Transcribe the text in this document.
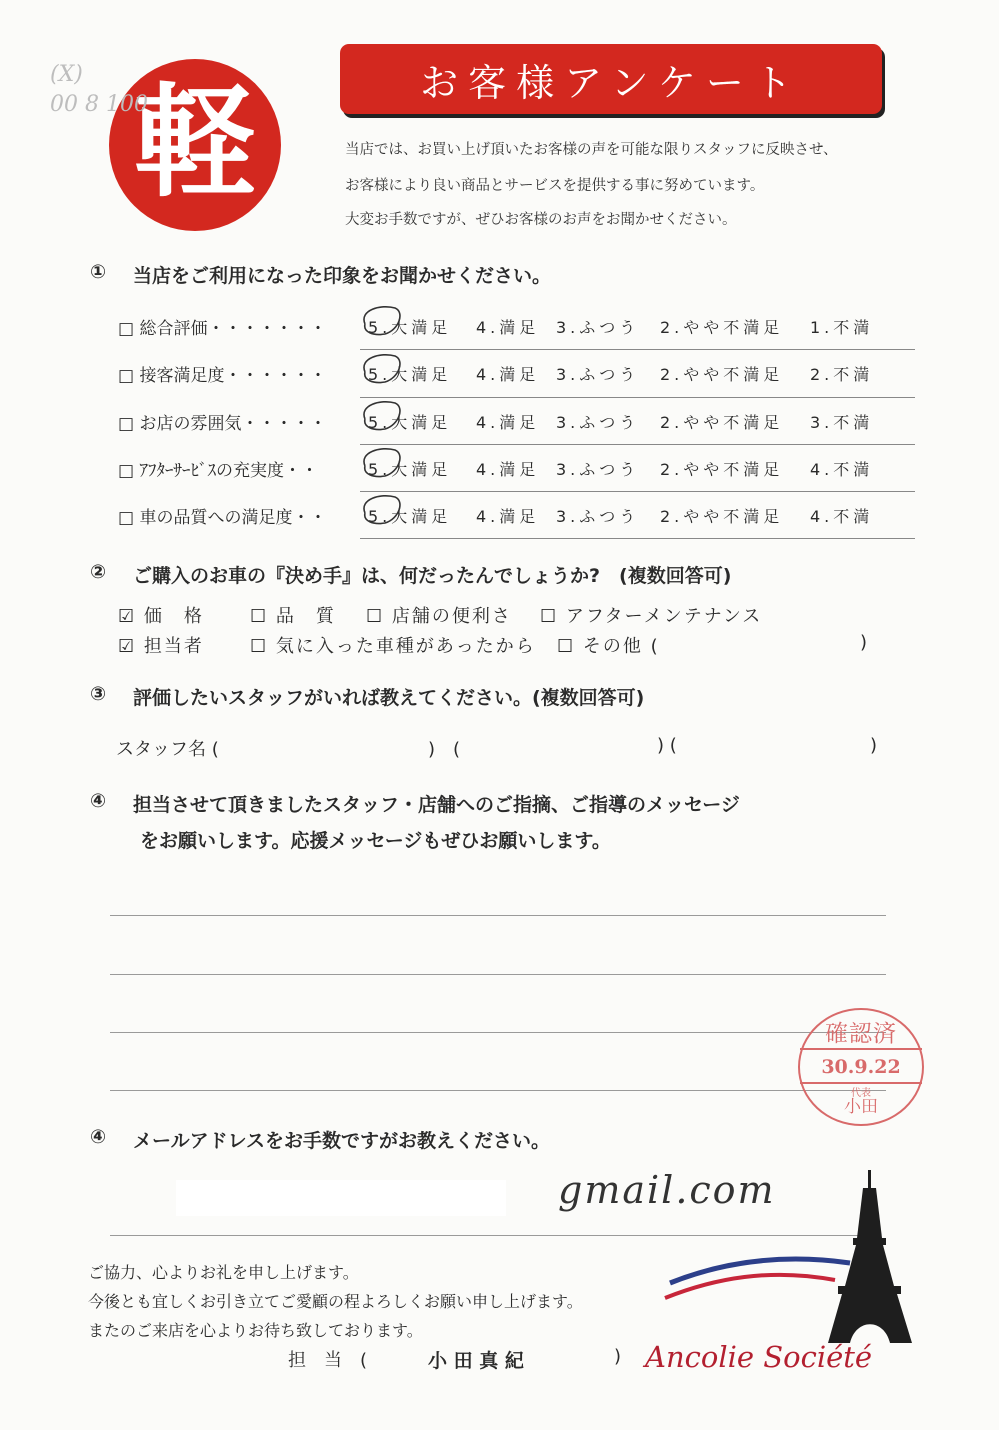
軽
(X)
00 8 100	お客様アンケート
当店では、お買い上げ頂いたお客様の声を可能な限りスタッフに反映させ、
お客様により良い商品とサービスを提供する事に努めています。
大変お手数ですが、ぜひお客様のお声をお聞かせください。
① 当店をご利用になった印象をお聞かせください。
□ 総合評価・・・・・・・	5.大満足 4.満足 3.ふつう 2.やや不満足 1.不満
□ 接客満足度・・・・・・	5.大満足 4.満足 3.ふつう 2.やや不満足 2.不満
□ お店の雰囲気・・・・・	5.大満足 4.満足 3.ふつう 2.やや不満足 3.不満
□ ｱﾌﾀｰｻｰﾋﾞｽの充実度・・	5.大満足 4.満足 3.ふつう 2.やや不満足 4.不満
□ 車の品質への満足度・・	5.大満足 4.満足 3.ふつう 2.やや不満足 4.不満
② ご購入のお車の『決め手』は、何だったんでしょうか?　(複数回答可)
☑ 価　格	☐ 品　質 ☐ 店舗の便利さ ☐ アフターメンテナンス
☑ 担当者	☐ 気に入った車種があったから ☐ その他 (	)
③ 評価したいスタッフがいれば教えてください。(複数回答可)
スタッフ名 (	)　(	) (	)
④ 担当させて頂きましたスタッフ・店舗へのご指摘、ご指導のメッセージ
をお願いします。応援メッセージもぜひお願いします。
確認済
30.9.22
代表
小田
④ メールアドレスをお手数ですがお教えください。
gmail.com
ご協力、心よりお礼を申し上げます。
今後とも宜しくお引き立てご愛顧の程よろしくお願い申し上げます。
またのご来店を心よりお待ち致しております。
担　当　(	小 田 真 紀	) Ancolie Société
